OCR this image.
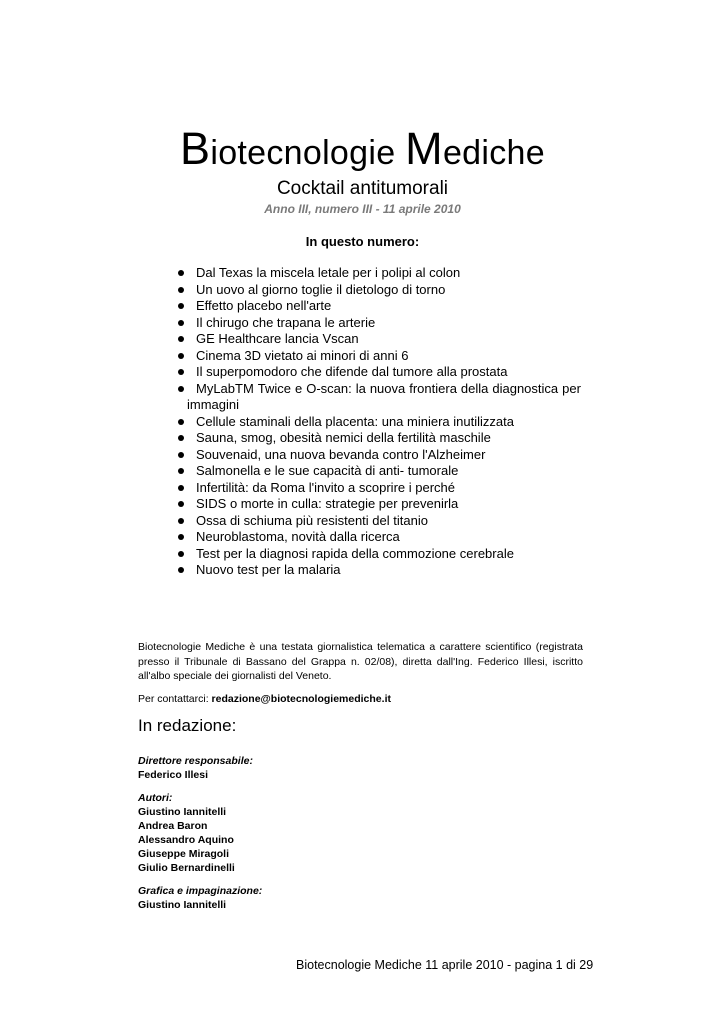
Biotecnologie Mediche
Cocktail antitumorali
Anno III, numero III - 11 aprile 2010
In questo numero:
Dal Texas la miscela letale per i polipi al colon
Un uovo al giorno toglie il dietologo di torno
Effetto placebo nell'arte
Il chirugo che trapana le arterie
GE Healthcare lancia Vscan
Cinema 3D vietato ai minori di anni 6
Il superpomodoro che difende dal tumore alla prostata
MyLabTM Twice e O-scan: la nuova frontiera della diagnostica per
immagini
Cellule staminali della placenta: una miniera inutilizzata
Sauna, smog, obesità nemici della fertilità maschile
Souvenaid, una nuova bevanda contro l'Alzheimer
Salmonella e le sue capacità di anti- tumorale
Infertilità: da Roma l'invito a scoprire i perché
SIDS o morte in culla: strategie per prevenirla
Ossa di schiuma più resistenti del titanio
Neuroblastoma, novità dalla ricerca
Test per la diagnosi rapida della commozione cerebrale
Nuovo test per la malaria
Biotecnologie Mediche è una testata giornalistica telematica a carattere scientifico (registrata presso il Tribunale di Bassano del Grappa n. 02/08), diretta dall'Ing. Federico Illesi, iscritto all'albo speciale dei giornalisti del Veneto.
Per contattarci: redazione@biotecnologiemediche.it
In redazione:
Direttore responsabile:
Federico Illesi
Autori:
Giustino Iannitelli
Andrea Baron
Alessandro Aquino
Giuseppe Miragoli
Giulio Bernardinelli
Grafica e impaginazione:
Giustino Iannitelli
Biotecnologie Mediche 11 aprile 2010 - pagina 1 di 29
